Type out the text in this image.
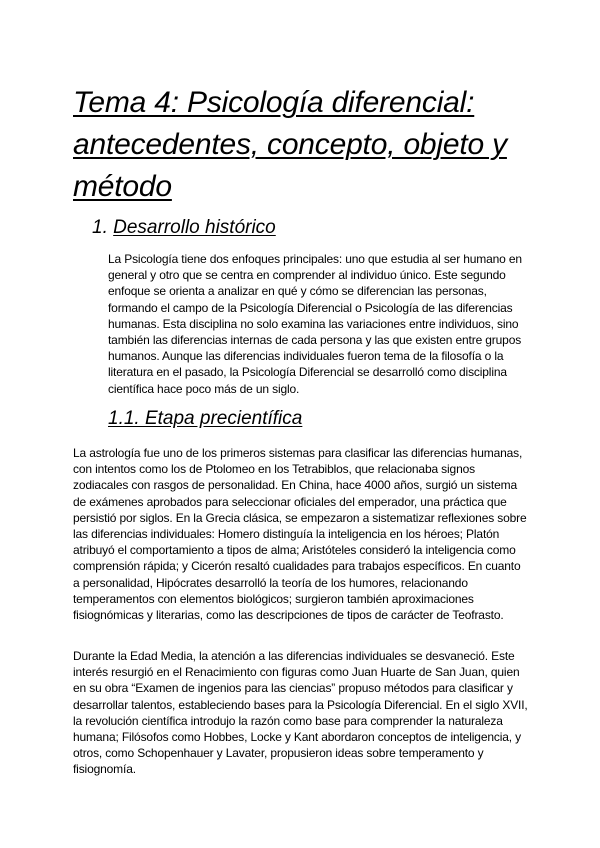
Tema 4: Psicología diferencial: antecedentes, concepto, objeto y método
1. Desarrollo histórico

La Psicología tiene dos enfoques principales: uno que estudia al ser humano en general y otro que se centra en comprender al individuo único. Este segundo enfoque se orienta a analizar en qué y cómo se diferencian las personas, formando el campo de la Psicología Diferencial o Psicología de las diferencias humanas. Esta disciplina no solo examina las variaciones entre individuos, sino también las diferencias internas de cada persona y las que existen entre grupos humanos. Aunque las diferencias individuales fueron tema de la filosofía o la literatura en el pasado, la Psicología Diferencial se desarrolló como disciplina científica hace poco más de un siglo.

1.1. Etapa precientífica

La astrología fue uno de los primeros sistemas para clasificar las diferencias humanas, con intentos como los de Ptolomeo en los Tetrabiblos, que relacionaba signos zodiacales con rasgos de personalidad. En China, hace 4000 años, surgió un sistema de exámenes aprobados para seleccionar oficiales del emperador, una práctica que persistió por siglos. En la Grecia clásica, se empezaron a sistematizar reflexiones sobre las diferencias individuales: Homero distinguía la inteligencia en los héroes; Platón atribuyó el comportamiento a tipos de alma; Aristóteles consideró la inteligencia como comprensión rápida; y Cicerón resaltó cualidades para trabajos específicos. En cuanto a personalidad, Hipócrates desarrolló la teoría de los humores, relacionando temperamentos con elementos biológicos; surgieron también aproximaciones fisiognómicas y literarias, como las descripciones de tipos de carácter de Teofrasto.

Durante la Edad Media, la atención a las diferencias individuales se desvaneció. Este interés resurgió en el Renacimiento con figuras como Juan Huarte de San Juan, quien en su obra “Examen de ingenios para las ciencias” propuso métodos para clasificar y desarrollar talentos, estableciendo bases para la Psicología Diferencial. En el siglo XVII, la revolución científica introdujo la razón como base para comprender la naturaleza humana; Filósofos como Hobbes, Locke y Kant abordaron conceptos de inteligencia, y otros, como Schopenhauer y Lavater, propusieron ideas sobre temperamento y fisiognomía.
